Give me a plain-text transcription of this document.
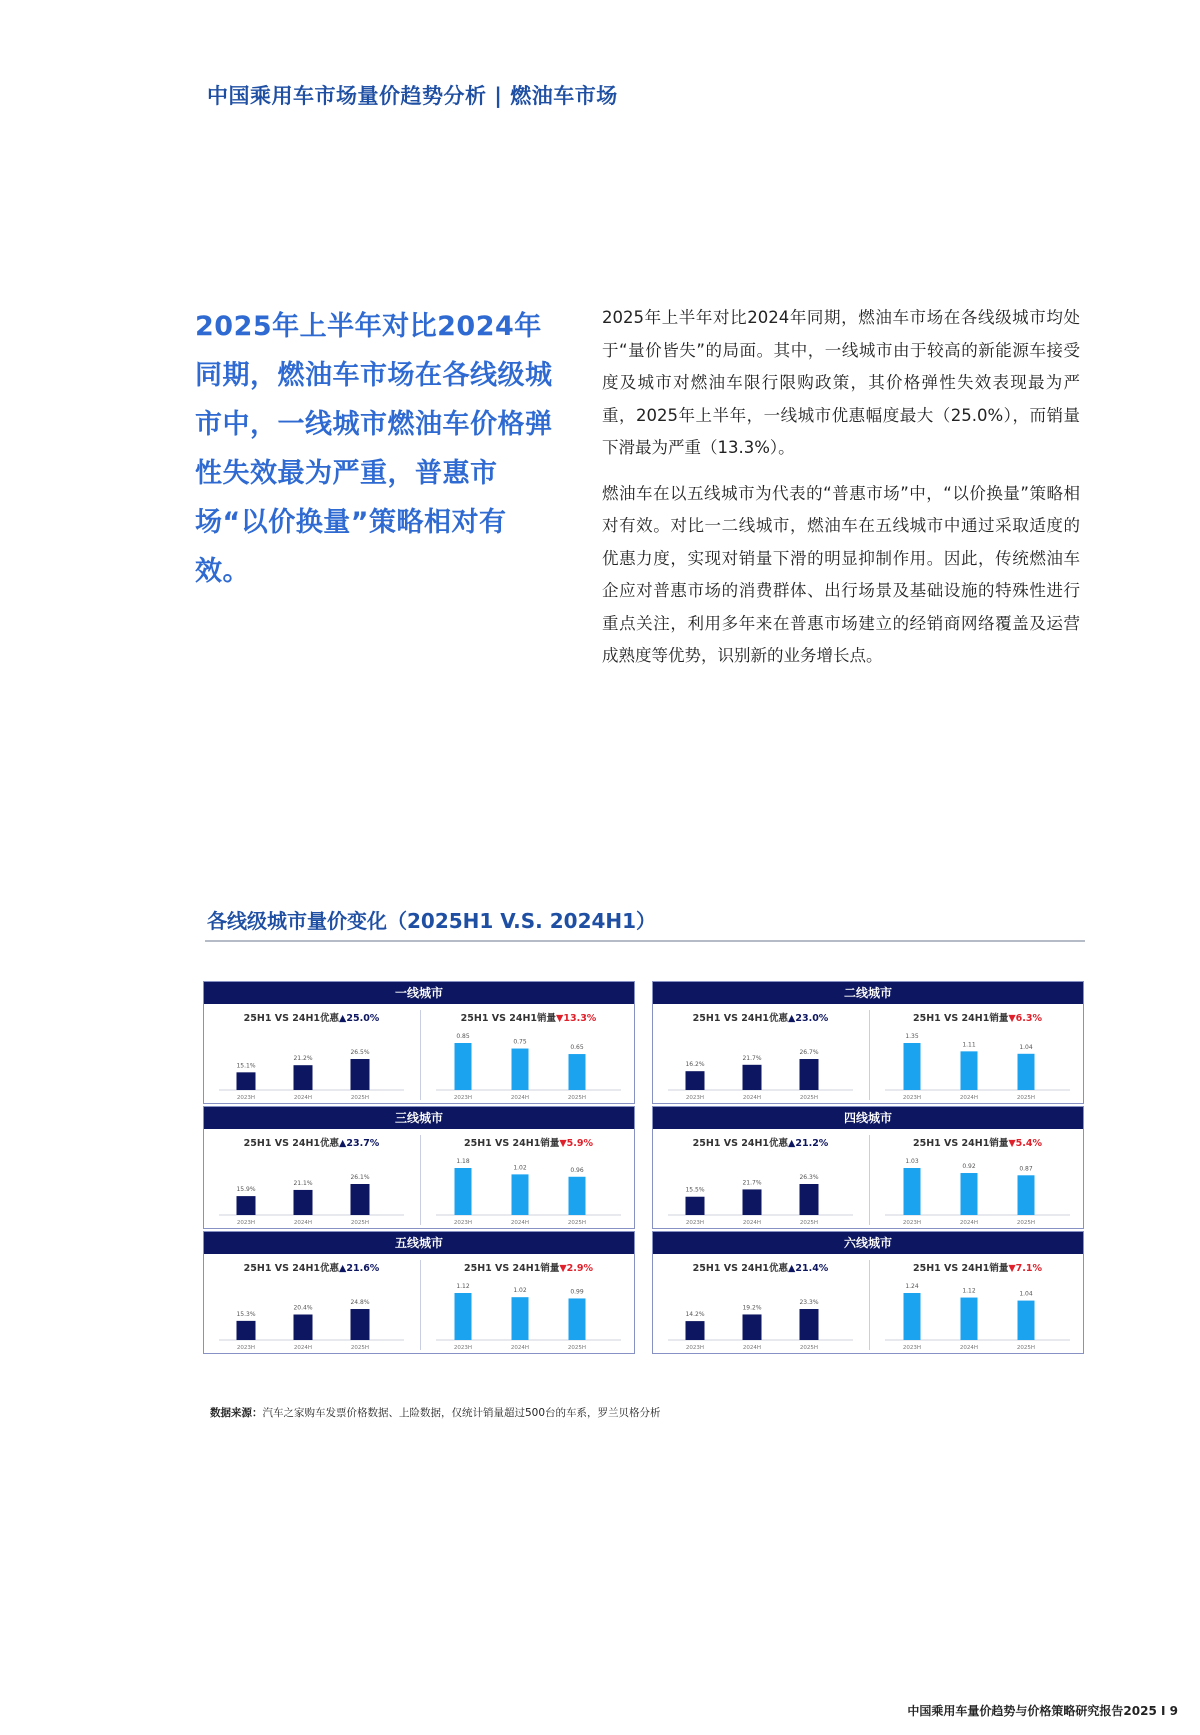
中国乘用车市场量价趋势分析 | 燃油车市场
2025年上半年对比2024年同期，燃油车市场在各线级城市中，一线城市燃油车价格弹性失效最为严重，普惠市场“以价换量”策略相对有效。

2025年上半年对比2024年同期，燃油车市场在各线级城市均处于“量价皆失”的局面。其中，一线城市由于较高的新能源车接受度及城市对燃油车限行限购政策，其价格弹性失效表现最为严重，2025年上半年，一线城市优惠幅度最大（25.0%），而销量下滑最为严重（13.3%）。

燃油车在以五线城市为代表的“普惠市场”中，“以价换量”策略相对有效。对比一二线城市，燃油车在五线城市中通过采取适度的优惠力度，实现对销量下滑的明显抑制作用。因此，传统燃油车企应对普惠市场的消费群体、出行场景及基础设施的特殊性进行重点关注，利用多年来在普惠市场建立的经销商网络覆盖及运营成熟度等优势，识别新的业务增长点。

各线级城市量价变化（2025H1 V.S. 2024H1）
一线城市
25H1 VS 24H1优惠▲25.0%
15.1%
2023H
21.2%
2024H
26.5%
2025H
25H1 VS 24H1销量▼13.3%
0.85
2023H
0.75
2024H
0.65
2025H
二线城市
25H1 VS 24H1优惠▲23.0%
16.2%
2023H
21.7%
2024H
26.7%
2025H
25H1 VS 24H1销量▼6.3%
1.35
2023H
1.11
2024H
1.04
2025H
三线城市
25H1 VS 24H1优惠▲23.7%
15.9%
2023H
21.1%
2024H
26.1%
2025H
25H1 VS 24H1销量▼5.9%
1.18
2023H
1.02
2024H
0.96
2025H
四线城市
25H1 VS 24H1优惠▲21.2%
15.5%
2023H
21.7%
2024H
26.3%
2025H
25H1 VS 24H1销量▼5.4%
1.03
2023H
0.92
2024H
0.87
2025H
五线城市
25H1 VS 24H1优惠▲21.6%
15.3%
2023H
20.4%
2024H
24.8%
2025H
25H1 VS 24H1销量▼2.9%
1.12
2023H
1.02
2024H
0.99
2025H
六线城市
25H1 VS 24H1优惠▲21.4%
14.2%
2023H
19.2%
2024H
23.3%
2025H
25H1 VS 24H1销量▼7.1%
1.24
2023H
1.12
2024H
1.04
2025H
数据来源：汽车之家购车发票价格数据、上险数据，仅统计销量超过500台的车系，罗兰贝格分析
中国乘用车量价趋势与价格策略研究报告2025 I 9
